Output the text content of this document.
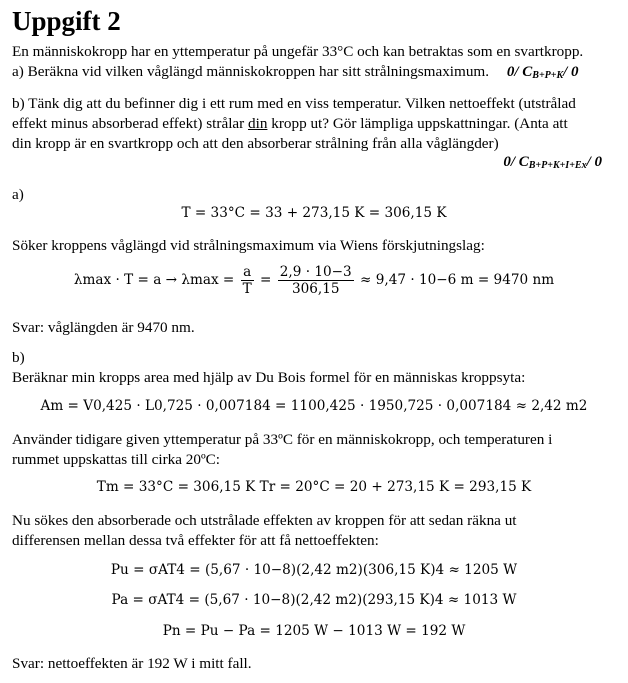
Uppgift 2
En människokropp har en yttemperatur på ungefär 33°C och kan betraktas som en svartkropp.
a) Beräkna vid vilken våglängd människokroppen har sitt strålningsmaximum. 0/ $C_{B+P+K}/$ 0
b) Tänk dig att du befinner dig i ett rum med en viss temperatur. Vilken nettoeffekt (utstrålad
effekt minus absorberad effekt) strålar din kropp ut? Gör lämpliga uppskattningar. (Anta att
din kropp är en svartkropp och att den absorberar strålning från alla våglängder)
0/ $C_{B+P+K+I+Ex}/$ 0
a)
T = 33°C = 33 + 273,15 K = 306,15 K
Söker kroppens våglängd vid strålningsmaximum via Wiens förskjutningslag:
$\lambda\max \cdot T = a \to \lambda\max = \frac{a}{T} = \frac{2,9 \cdot 10-3}{306,15} \approx 9,47 \cdot 10-6$ m = 9470 nm
Svar: våglängden är 9470 nm.
b)
Beräknar min kropps area med hjälp av Du Bois formel för en människas kroppsyta:
Am = V0,425 · L0,725 · 0,007184 = 1100,425 · 1950,725 · 0,007184 ≈ 2,42 m2
Använder tidigare given yttemperatur på 33ºC för en människokropp, och temperaturen i
rummet uppskattas till cirka 20ºC:
Tm = 33°C = 306,15 K Tr = 20°C = 20 + 273,15 K = 293,15 K
Nu sökes den absorberade och utstrålade effekten av kroppen för att sedan räkna ut
differensen mellan dessa två effekter för att få nettoeffekten:
Pu = σAT4 = (5,67 · 10−8)(2,42 m2)(306,15 K)4 ≈ 1205 W
Pa = σAT4 = (5,67 · 10−8)(2,42 m2)(293,15 K)4 ≈ 1013 W
Pn = Pu − Pa = 1205 W − 1013 W = 192 W
Svar: nettoeffekten är 192 W i mitt fall.
